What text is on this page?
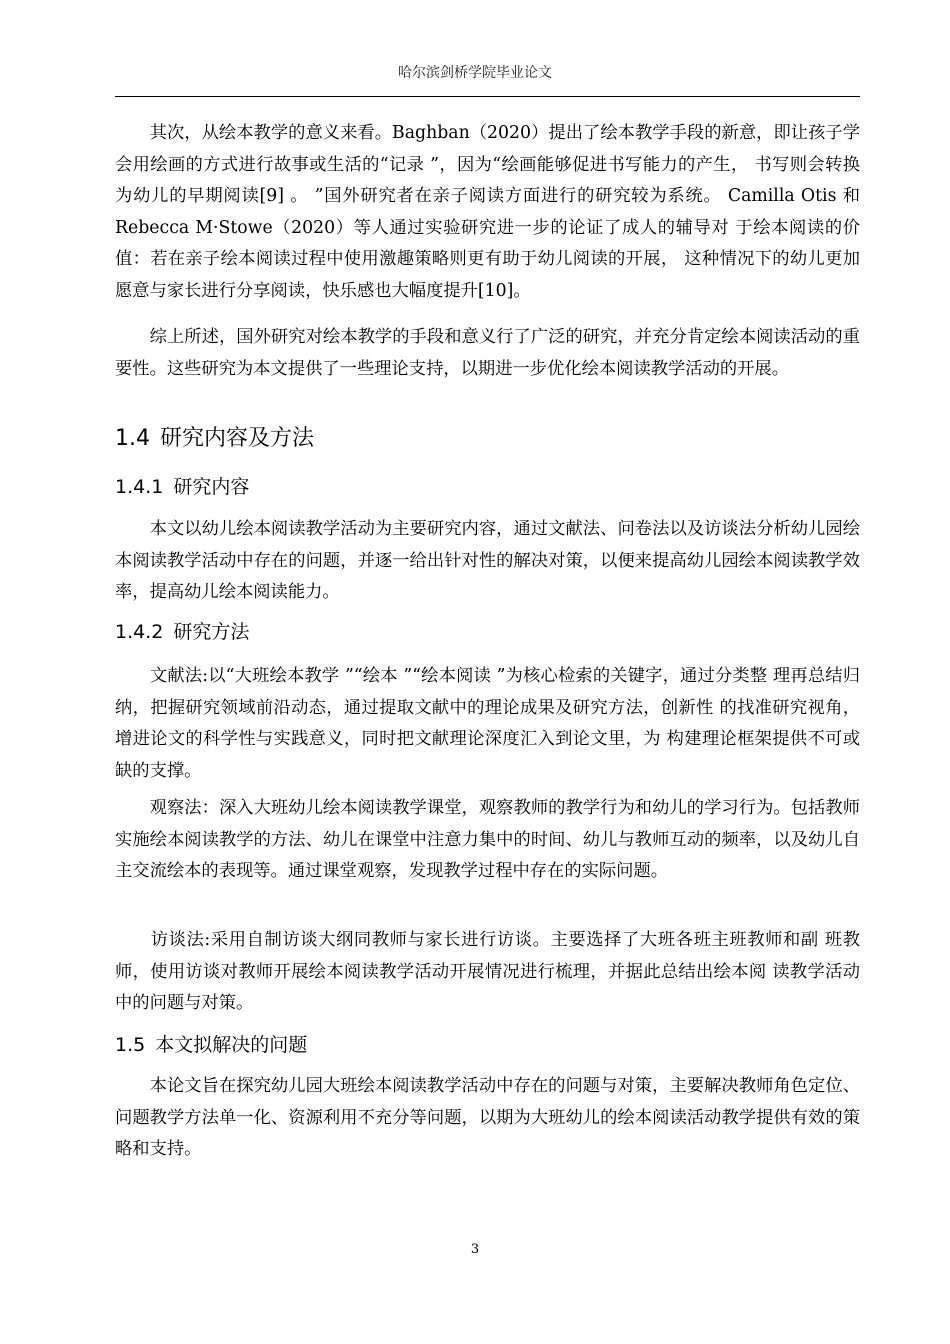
哈尔滨剑桥学院毕业论文
　　其次，从绘本教学的意义来看。Baghban（2020）提出了绘本教学手段的新意，即让孩子学会用绘画的方式进行故事或生活的“记录 ”，因为“绘画能够促进书写能力的产生， 书写则会转换为幼儿的早期阅读[9] 。 ”国外研究者在亲子阅读方面进行的研究较为系统。 Camilla Otis 和 Rebecca M·Stowe（2020）等人通过实验研究进一步的论证了成人的辅导对 于绘本阅读的价值：若在亲子绘本阅读过程中使用激趣策略则更有助于幼儿阅读的开展， 这种情况下的幼儿更加愿意与家长进行分享阅读，快乐感也大幅度提升[10]。
　　综上所述，国外研究对绘本教学的手段和意义行了广泛的研究，并充分肯定绘本阅读活动的重要性。这些研究为本文提供了一些理论支持，以期进一步优化绘本阅读教学活动的开展。
1.4 研究内容及方法
1.4.1 研究内容
　　本文以幼儿绘本阅读教学活动为主要研究内容，通过文献法、问卷法以及访谈法分析幼儿园绘本阅读教学活动中存在的问题，并逐一给出针对性的解决对策，以便来提高幼儿园绘本阅读教学效率，提高幼儿绘本阅读能力。
1.4.2 研究方法
　　文献法:以“大班绘本教学 ”“绘本 ”“绘本阅读 ”为核心检索的关键字，通过分类整 理再总结归纳，把握研究领域前沿动态，通过提取文献中的理论成果及研究方法，创新性 的找准研究视角，增进论文的科学性与实践意义，同时把文献理论深度汇入到论文里，为 构建理论框架提供不可或缺的支撑。
　　观察法：深入大班幼儿绘本阅读教学课堂，观察教师的教学行为和幼儿的学习行为。包括教师实施绘本阅读教学的方法、幼儿在课堂中注意力集中的时间、幼儿与教师互动的频率，以及幼儿自主交流绘本的表现等。通过课堂观察，发现教学过程中存在的实际问题。
　　访谈法:采用自制访谈大纲同教师与家长进行访谈。主要选择了大班各班主班教师和副 班教师，使用访谈对教师开展绘本阅读教学活动开展情况进行梳理，并据此总结出绘本阅 读教学活动中的问题与对策。
1.5 本文拟解决的问题
　　本论文旨在探究幼儿园大班绘本阅读教学活动中存在的问题与对策，主要解决教师角色定位、问题教学方法单一化、资源利用不充分等问题，以期为大班幼儿的绘本阅读活动教学提供有效的策略和支持。
3
